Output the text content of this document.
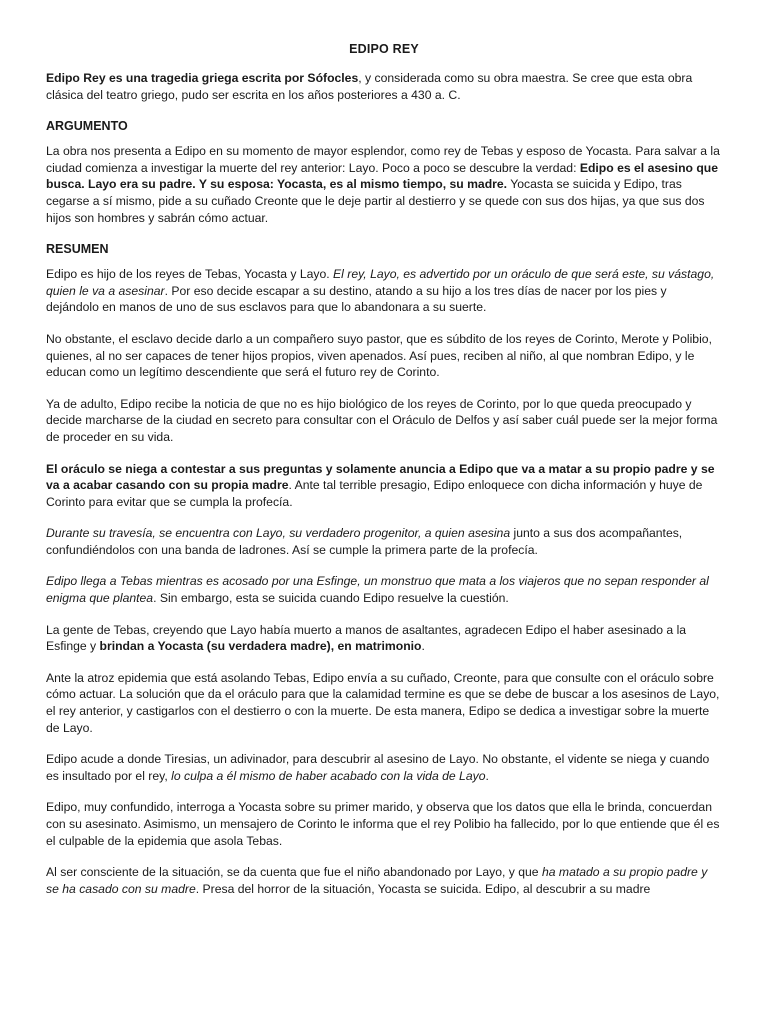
EDIPO REY

Edipo Rey es una tragedia griega escrita por Sófocles, y considerada como su obra maestra. Se cree que esta obra clásica del teatro griego, pudo ser escrita en los años posteriores a 430 a. C.

ARGUMENTO

La obra nos presenta a Edipo en su momento de mayor esplendor, como rey de Tebas y esposo de Yocasta. Para salvar a la ciudad comienza a investigar la muerte del rey anterior: Layo. Poco a poco se descubre la verdad: Edipo es el asesino que busca. Layo era su padre. Y su esposa: Yocasta, es al mismo tiempo, su madre. Yocasta se suicida y Edipo, tras cegarse a sí mismo, pide a su cuñado Creonte que le deje partir al destierro y se quede con sus dos hijas, ya que sus dos hijos son hombres y sabrán cómo actuar.

RESUMEN

Edipo es hijo de los reyes de Tebas, Yocasta y Layo. El rey, Layo, es advertido por un oráculo de que será este, su vástago, quien le va a asesinar. Por eso decide escapar a su destino, atando a su hijo a los tres días de nacer por los pies y dejándolo en manos de uno de sus esclavos para que lo abandonara a su suerte.

No obstante, el esclavo decide darlo a un compañero suyo pastor, que es súbdito de los reyes de Corinto, Merote y Polibio, quienes, al no ser capaces de tener hijos propios, viven apenados. Así pues, reciben al niño, al que nombran Edipo, y le educan como un legítimo descendiente que será el futuro rey de Corinto.

Ya de adulto, Edipo recibe la noticia de que no es hijo biológico de los reyes de Corinto, por lo que queda preocupado y decide marcharse de la ciudad en secreto para consultar con el Oráculo de Delfos y así saber cuál puede ser la mejor forma de proceder en su vida.

El oráculo se niega a contestar a sus preguntas y solamente anuncia a Edipo que va a matar a su propio padre y se va a acabar casando con su propia madre. Ante tal terrible presagio, Edipo enloquece con dicha información y huye de Corinto para evitar que se cumpla la profecía.

Durante su travesía, se encuentra con Layo, su verdadero progenitor, a quien asesina junto a sus dos acompañantes, confundiéndolos con una banda de ladrones. Así se cumple la primera parte de la profecía.

Edipo llega a Tebas mientras es acosado por una Esfinge, un monstruo que mata a los viajeros que no sepan responder al enigma que plantea. Sin embargo, esta se suicida cuando Edipo resuelve la cuestión.

La gente de Tebas, creyendo que Layo había muerto a manos de asaltantes, agradecen Edipo el haber asesinado a la Esfinge y brindan a Yocasta (su verdadera madre), en matrimonio.

Ante la atroz epidemia que está asolando Tebas, Edipo envía a su cuñado, Creonte, para que consulte con el oráculo sobre cómo actuar. La solución que da el oráculo para que la calamidad termine es que se debe de buscar a los asesinos de Layo, el rey anterior, y castigarlos con el destierro o con la muerte. De esta manera, Edipo se dedica a investigar sobre la muerte de Layo.

Edipo acude a donde Tiresias, un adivinador, para descubrir al asesino de Layo. No obstante, el vidente se niega y cuando es insultado por el rey, lo culpa a él mismo de haber acabado con la vida de Layo.

Edipo, muy confundido, interroga a Yocasta sobre su primer marido, y observa que los datos que ella le brinda, concuerdan con su asesinato. Asimismo, un mensajero de Corinto le informa que el rey Polibio ha fallecido, por lo que entiende que él es el culpable de la epidemia que asola Tebas.

Al ser consciente de la situación, se da cuenta que fue el niño abandonado por Layo, y que ha matado a su propio padre y se ha casado con su madre. Presa del horror de la situación, Yocasta se suicida. Edipo, al descubrir a su madre
